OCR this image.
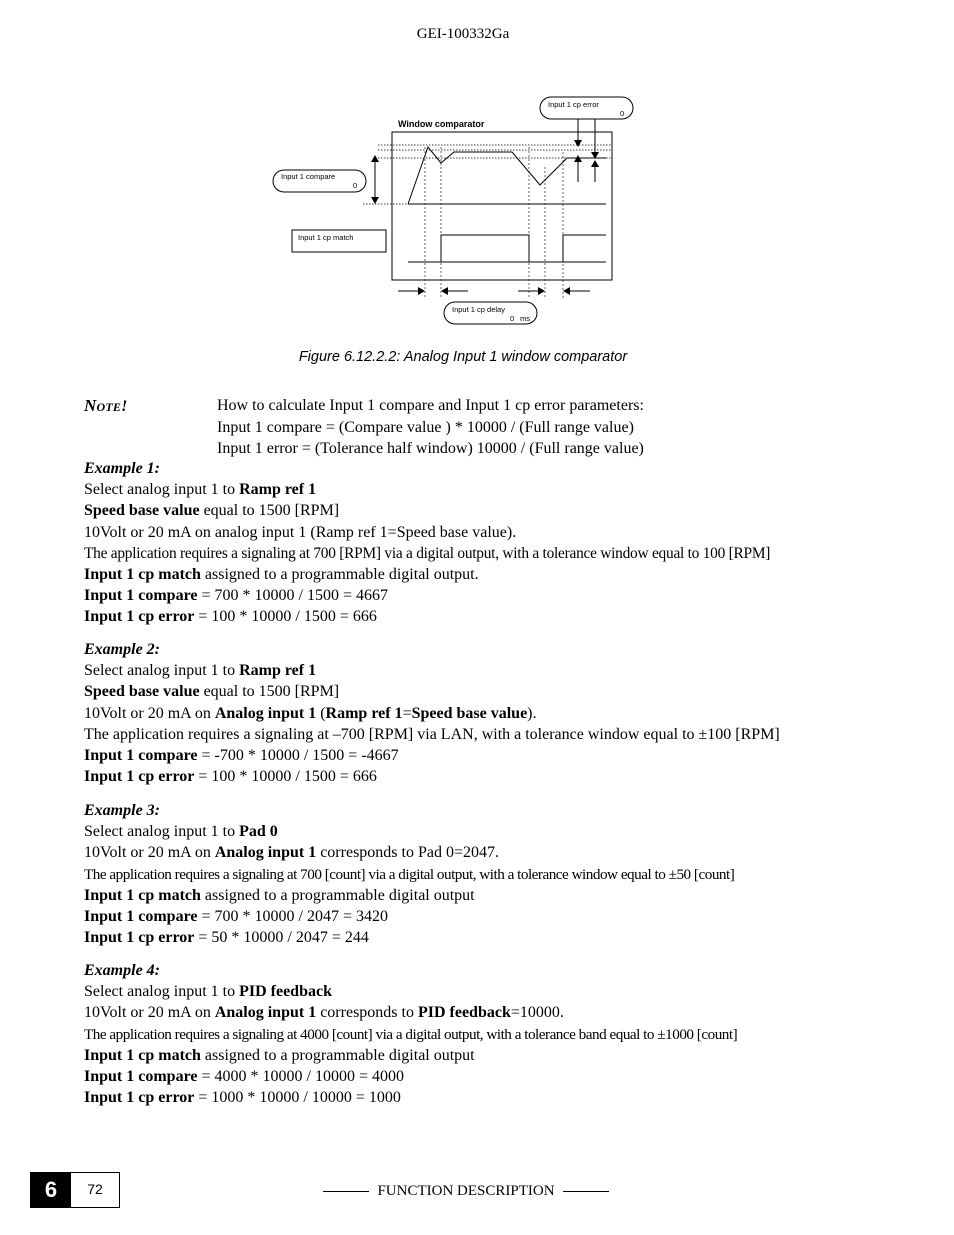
GEI-100332Ga
Window comparator
Input 1 cp error
0
Input 1 compare
0
Input 1 cp match
Input 1 cp delay
0 ms
Figure 6.12.2.2: Analog Input 1 window comparator
NOTE!	How to calculate Input 1 compare and Input 1 cp error parameters:
Input 1 compare = (Compare value ) * 10000 / (Full range value)
Input 1 error = (Tolerance half window) 10000 / (Full range value)
Example 1:
Select analog input 1 to Ramp ref 1
Speed base value equal to 1500 [RPM]
10Volt or 20 mA on analog input 1 (Ramp ref 1=Speed base value).
The application requires a signaling at 700 [RPM] via a digital output, with a tolerance window equal to 100 [RPM]
Input 1 cp match assigned to a programmable digital output.
Input 1 compare = 700 * 10000 / 1500 = 4667
Input 1 cp error = 100 * 10000 / 1500 = 666
Example 2:
Select analog input 1 to Ramp ref 1
Speed base value equal to 1500 [RPM]
10Volt or 20 mA on Analog input 1 (Ramp ref 1=Speed base value).
The application requires a signaling at –700 [RPM] via LAN, with a tolerance window equal to ±100 [RPM]
Input 1 compare = -700 * 10000 / 1500 = -4667
Input 1 cp error = 100 * 10000 / 1500 = 666
Example 3:
Select analog input 1 to Pad 0
10Volt or 20 mA on Analog input 1 corresponds to Pad 0=2047.
The application requires a signaling at 700 [count] via a digital output, with a tolerance window equal to ±50 [count]
Input 1 cp match assigned to a programmable digital output
Input 1 compare = 700 * 10000 / 2047 = 3420
Input 1 cp error = 50 * 10000 / 2047 = 244
Example 4:
Select analog input 1 to PID feedback
10Volt or 20 mA on Analog input 1 corresponds to PID feedback=10000.
The application requires a signaling at 4000 [count] via a digital output, with a tolerance band equal to ±1000 [count]
Input 1 cp match assigned to a programmable digital output
Input 1 compare = 4000 * 10000 / 10000 = 4000
Input 1 cp error = 1000 * 10000 / 10000 = 1000
6	72	FUNCTION DESCRIPTION
